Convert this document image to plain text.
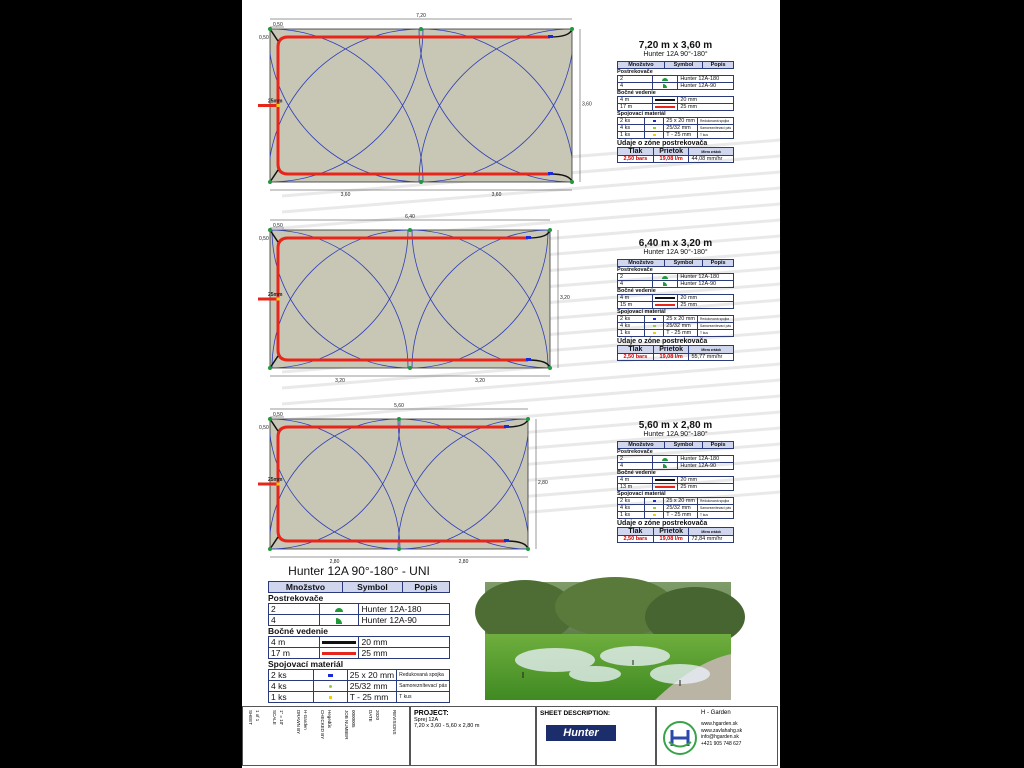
25mm
7,20
0,50
0,50
3,60
3,60	3,60
25mm
6,40
0,50
0,50
3,20
3,20	3,20
25mm
5,60
0,50
0,50
2,80
2,80	2,80
7,20 m x 3,60 m
Hunter 12A 90°-180°
Množstvo	Symbol	Popis
Postrekovače
2		Hunter 12A-180
4		Hunter 12A-90
Bočné vedenie
4 m		20 mm
17 m		25 mm
Spojovací materiál
2 ks		25 x 20 mm	Redukovaná spojka
4 ks		25/32 mm	Samoreznítevací pás
1 ks		T - 25 mm	T kus
Údaje o zóne postrekovača
Tlak	Prietok	Miera zrážok
2,50 bars	19,08 l/m	44,08 mm/hr
6,40 m x 3,20 m
Hunter 12A 90°-180°
Množstvo	Symbol	Popis
Postrekovače
2		Hunter 12A-180
4		Hunter 12A-90
Bočné vedenie
4 m		20 mm
15 m		25 mm
Spojovací materiál
2 ks		25 x 20 mm	Redukovaná spojka
4 ks		25/32 mm	Samoreznítevací pás
1 ks		T - 25 mm	T kus
Údaje o zóne postrekovača
Tlak	Prietok	Miera zrážok
2,50 bars	19,08 l/m	55,77 mm/hr
5,60 m x 2,80 m
Hunter 12A 90°-180°
Množstvo	Symbol	Popis
Postrekovače
2		Hunter 12A-180
4		Hunter 12A-90
Bočné vedenie
4 m		20 mm
13 m		25 mm
Spojovací materiál
2 ks		25 x 20 mm	Redukovaná spojka
4 ks		25/32 mm	Samoreznítevací pás
1 ks		T - 25 mm	T kus
Údaje o zóne postrekovača
Tlak	Prietok	Miera zrážok
2,50 bars	19,08 l/m	72,84 mm/hr
Hunter 12A 90°-180° - UNI
Množstvo	Symbol	Popis
Postrekovače
2		Hunter 12A-180
4		Hunter 12A-90
Bočné vedenie
4 m		20 mm
17 m		25 mm
Spojovací materiál
2 ks		25 x 20 mm	Redukovaná spojka
4 ks		25/32 mm	Samoreznítevací pás
1 ks		T - 25 mm	T kus
SHEET 1 of 1	SCALE 1" = 10'	DRAWN BY H-Garden	CHECKED BY Hegedűs	JOB NUMBER 0000005	DATE 2020	REVISIONS PROJECT:
Sprej 12A
7,20 x 3,60 - 5,60 x 2,80 m
SHEET DESCRIPTION:
Hunter
H - Garden
www.hgarden.sk
www.zavlahahg.sk
info@hgarden.sk
+421 905 748 627
